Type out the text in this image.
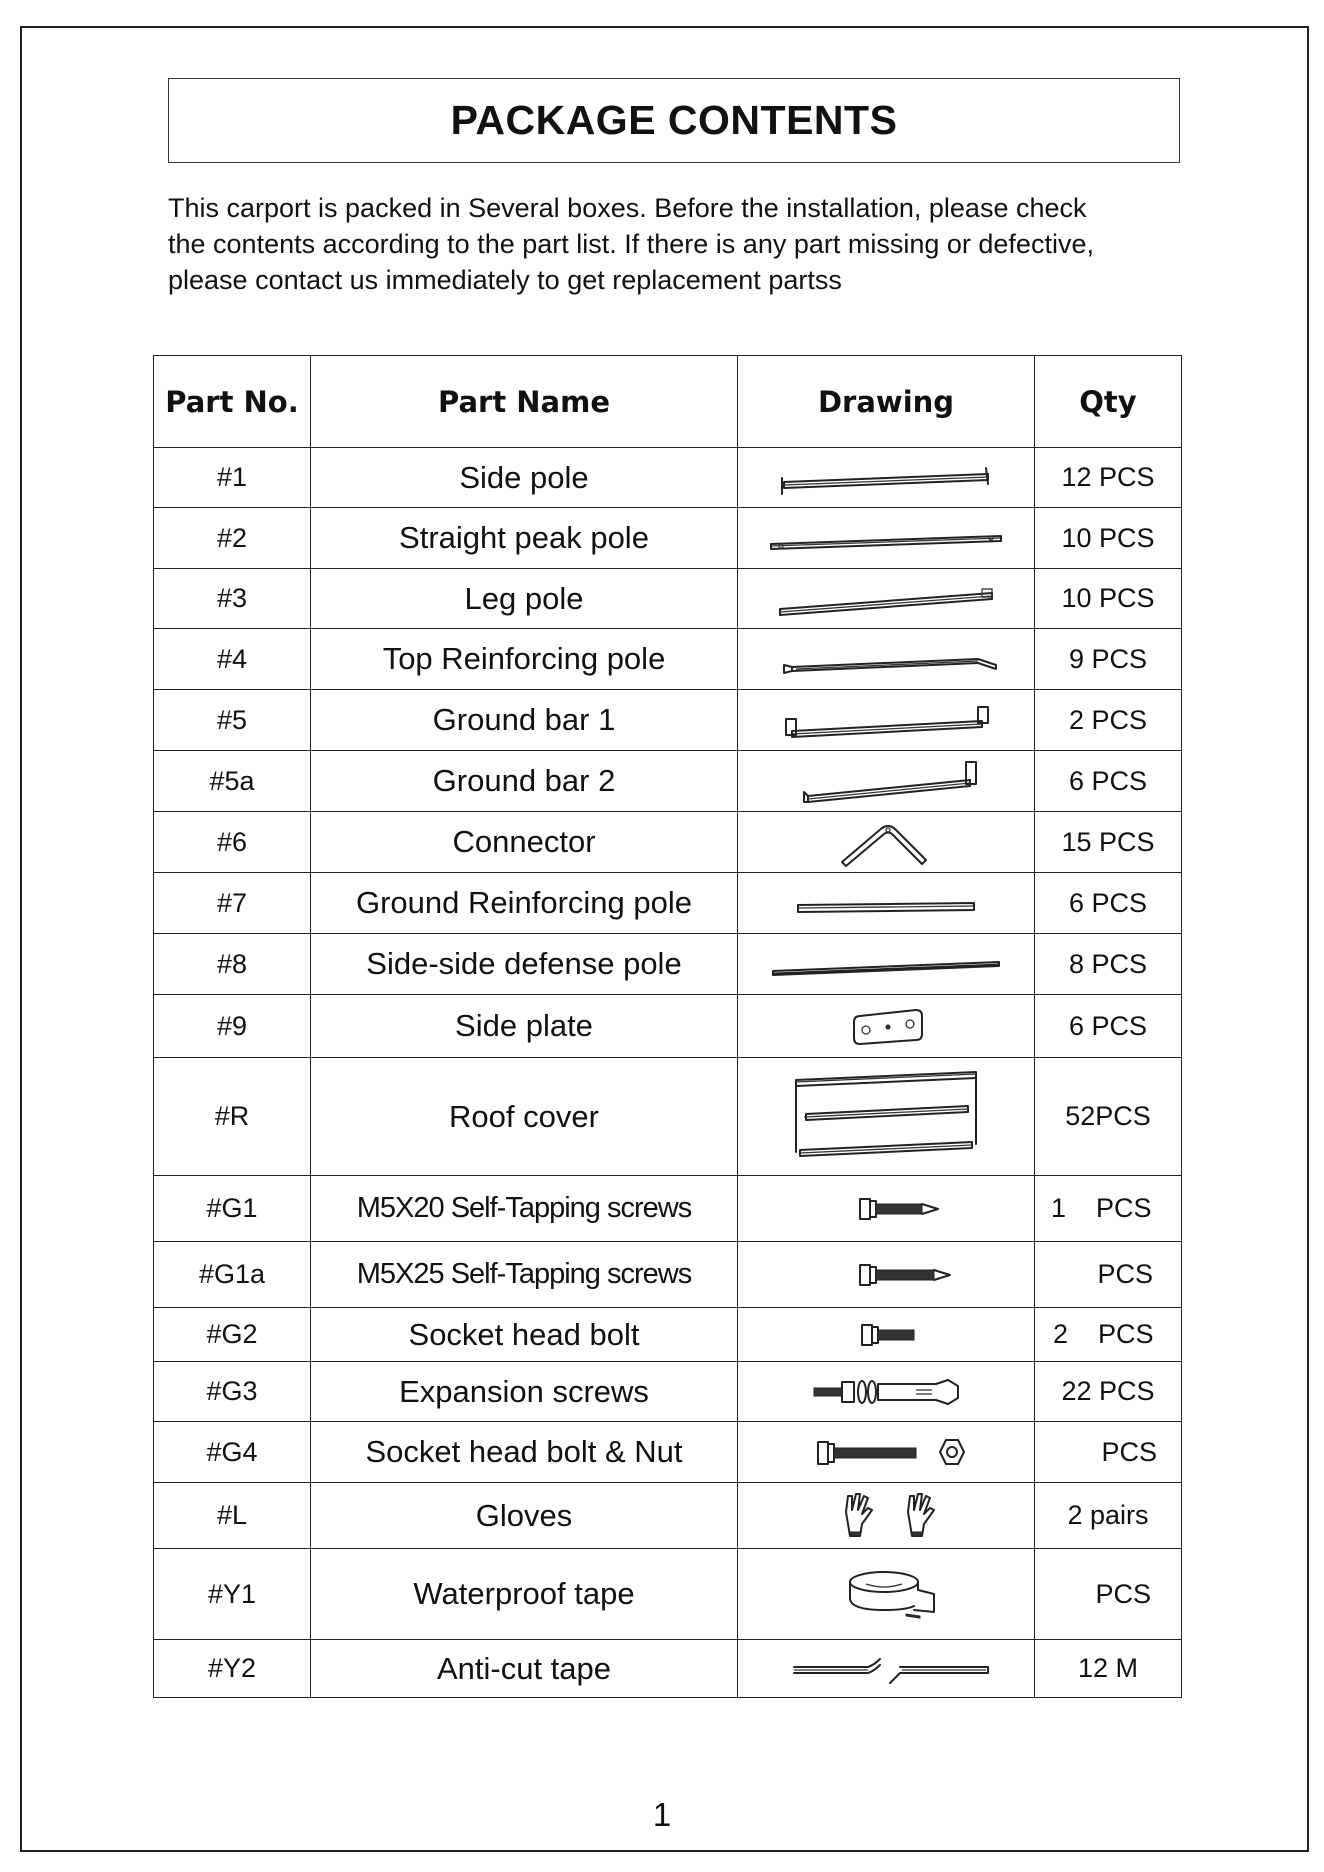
PACKAGE CONTENTS
This carport is packed in Several boxes. Before the installation, please check
the contents according to the part list. If there is any part missing or defective,
please contact us immediately to get replacement partss
Part No.	Part Name	Drawing	Qty
#1	Side pole		12 PCS
#2	Straight peak pole		10 PCS
#3	Leg pole		10 PCS
#4	Top Reinforcing pole		9 PCS
#5	Ground bar 1		2 PCS
#5a	Ground bar 2		6 PCS
#6	Connector		15 PCS
#7	Ground Reinforcing pole		6 PCS
#8	Side-side defense pole		8 PCS
#9	Side plate		6 PCS
#R	Roof cover		52PCS
#G1	M5X20 Self-Tapping screws		1    PCS
#G1a	M5X25 Self-Tapping screws		PCS
#G2	Socket head bolt		2    PCS
#G3	Expansion screws		22 PCS
#G4	Socket head bolt & Nut		PCS
#L	Gloves		2 pairs
#Y1	Waterproof tape		PCS
#Y2	Anti-cut tape		12 M
1
